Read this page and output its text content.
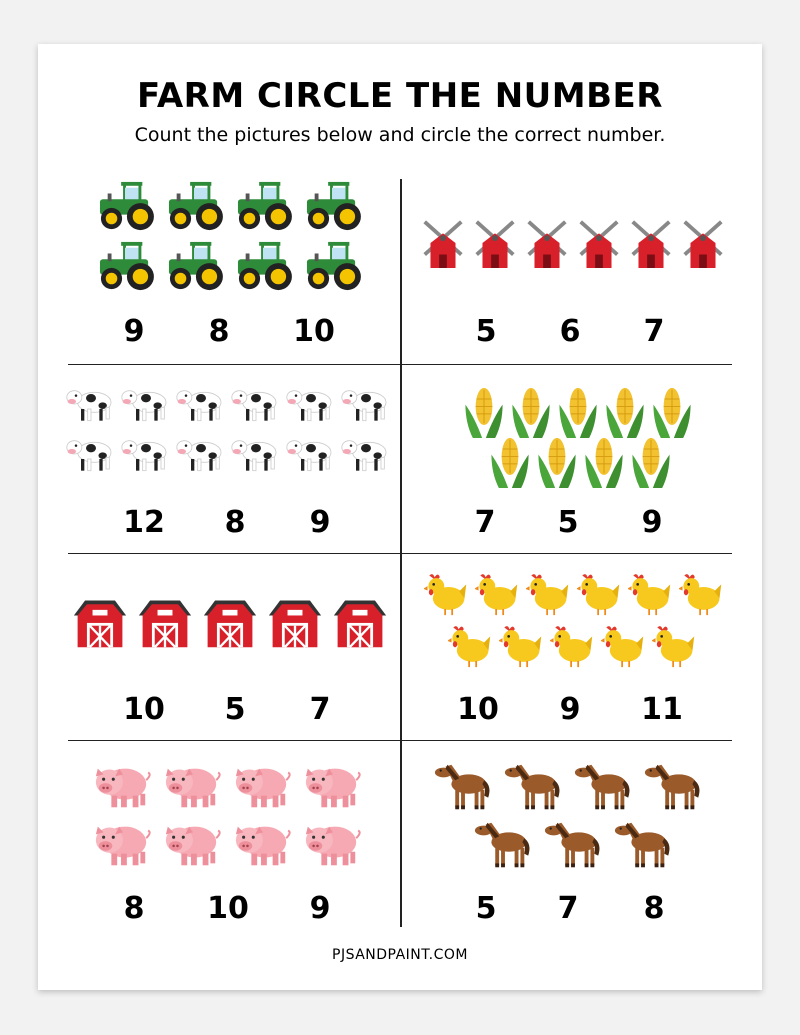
FARM CIRCLE THE NUMBER
Count the pictures below and circle the correct number.
9	8	10	5	6	7
12	8	9	7	5	9
10	5	7	10	9	11
8	10	9	5	7	8
PJSANDPAINT.COM
